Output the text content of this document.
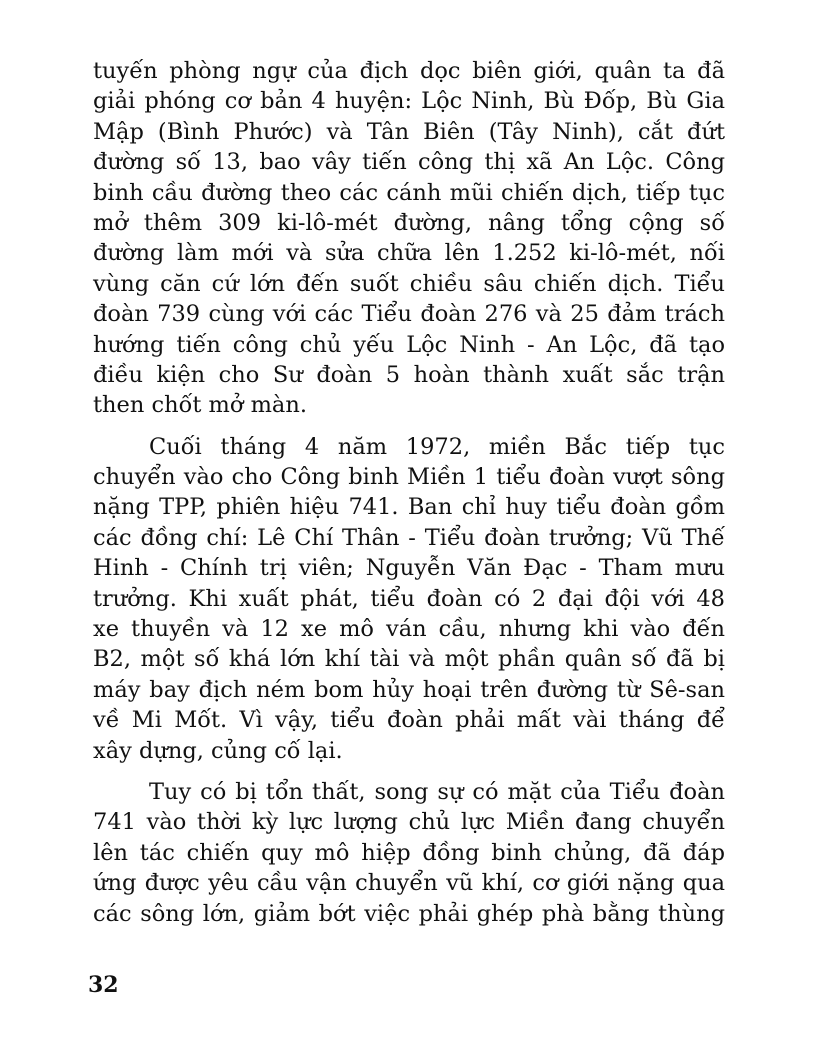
tuyến phòng ngự của địch dọc biên giới, quân ta đã
giải phóng cơ bản 4 huyện: Lộc Ninh, Bù Đốp, Bù Gia
Mập (Bình Phước) và Tân Biên (Tây Ninh), cắt đứt
đường số 13, bao vây tiến công thị xã An Lộc. Công
binh cầu đường theo các cánh mũi chiến dịch, tiếp tục
mở thêm 309 ki-lô-mét đường, nâng tổng cộng số
đường làm mới và sửa chữa lên 1.252 ki-lô-mét, nối
vùng căn cứ lớn đến suốt chiều sâu chiến dịch. Tiểu
đoàn 739 cùng với các Tiểu đoàn 276 và 25 đảm trách
hướng tiến công chủ yếu Lộc Ninh - An Lộc, đã tạo
điều kiện cho Sư đoàn 5 hoàn thành xuất sắc trận
then chốt mở màn.
Cuối tháng 4 năm 1972, miền Bắc tiếp tục
chuyển vào cho Công binh Miền 1 tiểu đoàn vượt sông
nặng TPP, phiên hiệu 741. Ban chỉ huy tiểu đoàn gồm
các đồng chí: Lê Chí Thân - Tiểu đoàn trưởng; Vũ Thế
Hinh - Chính trị viên; Nguyễn Văn Đạc - Tham mưu
trưởng. Khi xuất phát, tiểu đoàn có 2 đại đội với 48
xe thuyền và 12 xe mô ván cầu, nhưng khi vào đến
B2, một số khá lớn khí tài và một phần quân số đã bị
máy bay địch ném bom hủy hoại trên đường từ Sê-san
về Mi Mốt. Vì vậy, tiểu đoàn phải mất vài tháng để
xây dựng, củng cố lại.
Tuy có bị tổn thất, song sự có mặt của Tiểu đoàn
741 vào thời kỳ lực lượng chủ lực Miền đang chuyển
lên tác chiến quy mô hiệp đồng binh chủng, đã đáp
ứng được yêu cầu vận chuyển vũ khí, cơ giới nặng qua
các sông lớn, giảm bớt việc phải ghép phà bằng thùng
32
